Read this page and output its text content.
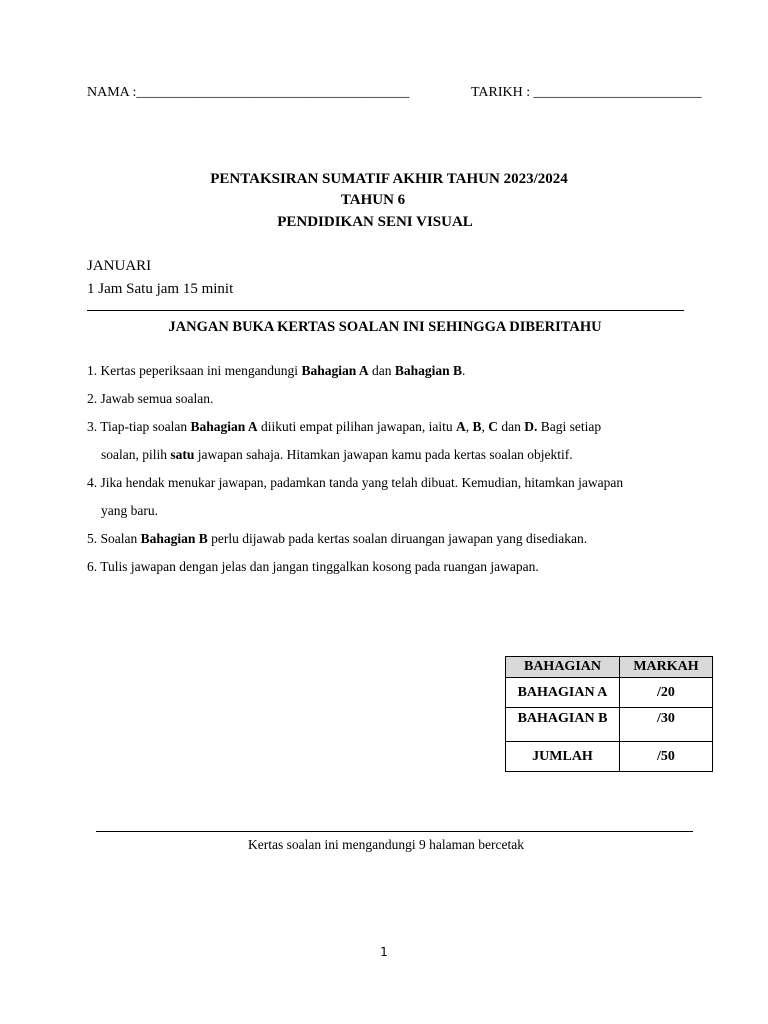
NAMA :_______________________________________	TARIKH : ________________________
PENTAKSIRAN SUMATIF AKHIR TAHUN 2023/2024
TAHUN 6
PENDIDIKAN SENI VISUAL
JANUARI
1 Jam Satu jam 15 minit
JANGAN BUKA KERTAS SOALAN INI SEHINGGA DIBERITAHU
1. Kertas peperiksaan ini mengandungi Bahagian A dan Bahagian B.
2. Jawab semua soalan.
3. Tiap-tiap soalan Bahagian A diikuti empat pilihan jawapan, iaitu A, B, C dan D. Bagi setiap
soalan, pilih satu jawapan sahaja. Hitamkan jawapan kamu pada kertas soalan objektif.
4. Jika hendak menukar jawapan, padamkan tanda yang telah dibuat. Kemudian, hitamkan jawapan
yang baru.
5. Soalan Bahagian B perlu dijawab pada kertas soalan diruangan jawapan yang disediakan.
6. Tulis jawapan dengan jelas dan jangan tinggalkan kosong pada ruangan jawapan.
BAHAGIAN	MARKAH
BAHAGIAN A	/20
BAHAGIAN B	/30
JUMLAH	/50
Kertas soalan ini mengandungi 9 halaman bercetak
1
